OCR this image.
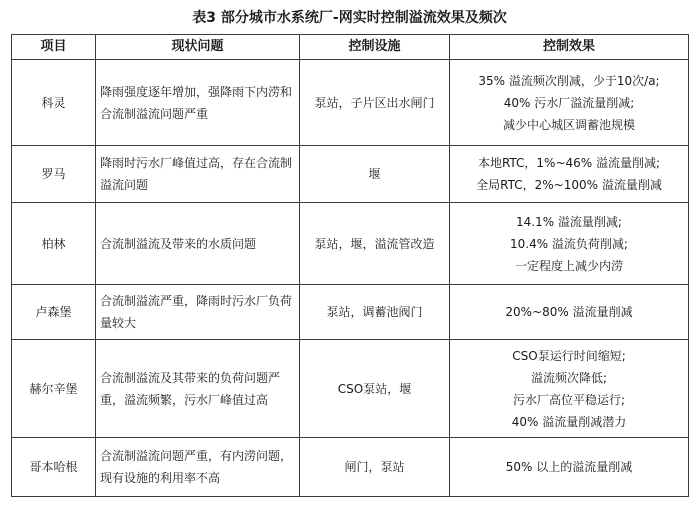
表3 部分城市水系统厂-网实时控制溢流效果及频次
项目	现状问题	控制设施	控制效果
科灵	降雨强度逐年增加，强降雨下内涝和合流制溢流问题严重	泵站，子片区出水闸门	35% 溢流频次削减，少于10次/a;
40% 污水厂溢流量削减;
减少中心城区调蓄池规模

罗马	降雨时污水厂峰值过高，存在合流制溢流问题	堰	本地RTC，1%~46% 溢流量削减;
全局RTC，2%~100% 溢流量削减

柏林	合流制溢流及带来的水质问题	泵站，堰，溢流管改造	14.1% 溢流量削减;
10.4% 溢流负荷削减;
一定程度上减少内涝

卢森堡	合流制溢流严重，降雨时污水厂负荷量较大	泵站，调蓄池阀门	20%~80% 溢流量削减

赫尔辛堡	合流制溢流及其带来的负荷问题严重，溢流频繁，污水厂峰值过高	CSO泵站，堰	CSO泵运行时间缩短;
溢流频次降低;
污水厂高位平稳运行;
40% 溢流量削减潜力

哥本哈根	合流制溢流问题严重，有内涝问题，现有设施的利用率不高	闸门，泵站	50% 以上的溢流量削减
